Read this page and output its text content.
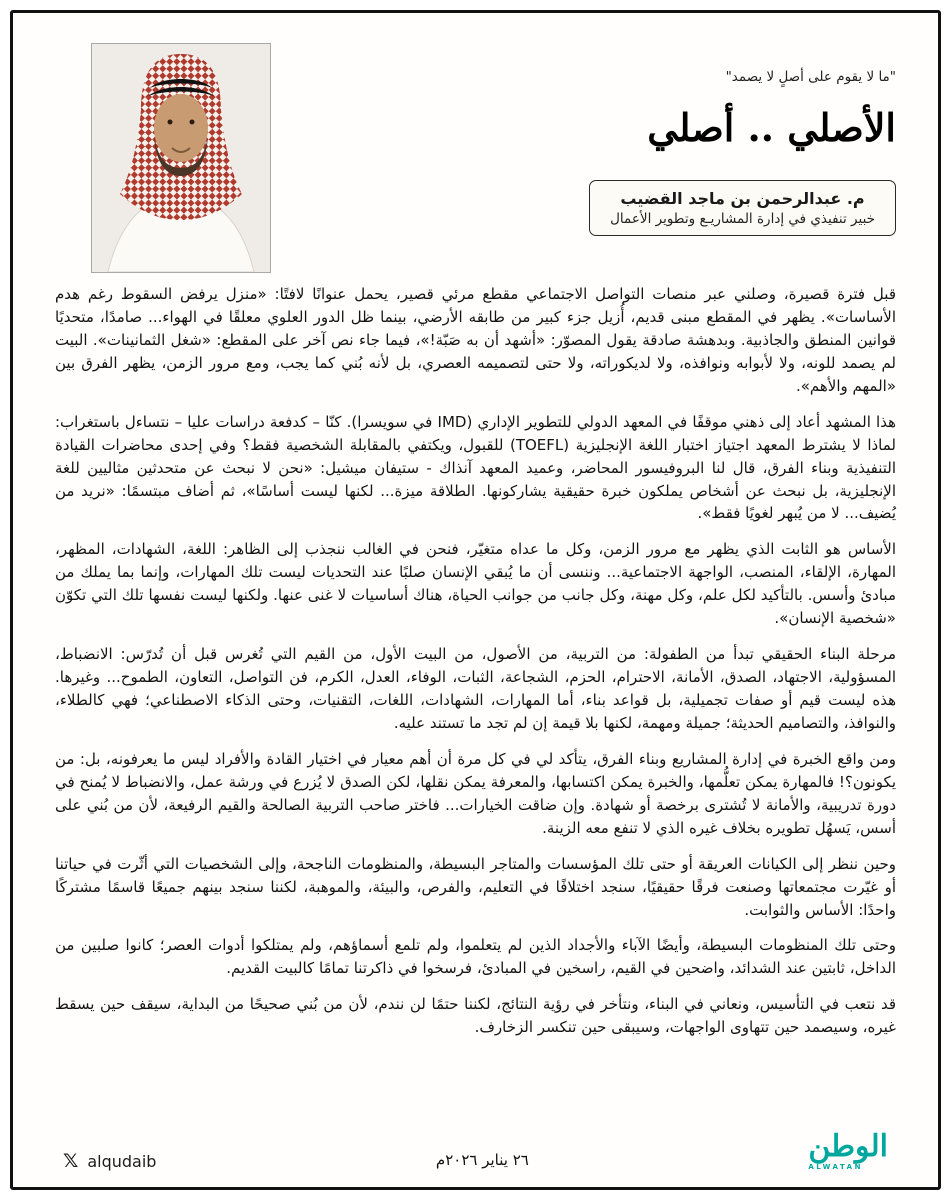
"ما لا يقوم على أصلٍ لا يصمد"
الأصلي .. أصلي
م. عبدالرحمن بن ماجد القضيب
خبير تنفيذي في إدارة المشاريـع وتطوير الأعمال

قبل فترة قصيرة، وصلني عبر منصات التواصل الاجتماعي مقطع مرئي قصير، يحمل عنوانًا لافتًا: «منزل يرفض السقوط رغم هدم الأساسات». يظهر في المقطع مبنى قديم، أُزيل جزء كبير من طابقه الأرضي، بينما ظل الدور العلوي معلقًا في الهواء... صامدًا، متحديًا قوانين المنطق والجاذبية. وبدهشة صادقة يقول المصوّر: «أشهد أن به صَبّة!»، فيما جاء نص آخر على المقطع: «شغل الثمانينات». البيت لم يصمد للونه، ولا لأبوابه ونوافذه، ولا لديكوراته، ولا حتى لتصميمه العصري، بل لأنه بُني كما يجب، ومع مرور الزمن، يظهر الفرق بين «المهم والأهم».

هذا المشهد أعاد إلى ذهني موقفًا في المعهد الدولي للتطوير الإداري (IMD في سويسرا). كنّا – كدفعة دراسات عليا – نتساءل باستغراب: لماذا لا يشترط المعهد اجتياز اختبار اللغة الإنجليزية (TOEFL) للقبول، ويكتفي بالمقابلة الشخصية فقط؟ وفي إحدى محاضرات القيادة التنفيذية وبناء الفرق، قال لنا البروفيسور المحاضر، وعميد المعهد آنذاك - ستيفان ميشيل: «نحن لا نبحث عن متحدثين مثاليين للغة الإنجليزية، بل نبحث عن أشخاص يملكون خبرة حقيقية يشاركونها. الطلاقة ميزة... لكنها ليست أساسًا»، ثم أضاف مبتسمًا: «نريد من يُضيف... لا من يُبهر لغويًا فقط».

الأساس هو الثابت الذي يظهر مع مرور الزمن، وكل ما عداه متغيّر، فنحن في الغالب ننجذب إلى الظاهر: اللغة، الشهادات، المظهر، المهارة، الإلقاء، المنصب، الواجهة الاجتماعية... وننسى أن ما يُبقي الإنسان صلبًا عند التحديات ليست تلك المهارات، وإنما بما يملك من مبادئ وأسس. بالتأكيد لكل علم، وكل مهنة، وكل جانب من جوانب الحياة، هناك أساسيات لا غنى عنها. ولكنها ليست نفسها تلك التي تكوّن «شخصية الإنسان».

مرحلة البناء الحقيقي تبدأ من الطفولة: من التربية، من الأصول، من البيت الأول، من القيم التي تُغرس قبل أن تُدرّس: الانضباط، المسؤولية، الاجتهاد، الصدق، الأمانة، الاحترام، الحزم، الشجاعة، الثبات، الوفاء، العدل، الكرم، فن التواصل، التعاون، الطموح... وغيرها. هذه ليست قيم أو صفات تجميلية، بل قواعد بناء، أما المهارات، الشهادات، اللغات، التقنيات، وحتى الذكاء الاصطناعي؛ فهي كالطلاء، والنوافذ، والتصاميم الحديثة؛ جميلة ومهمة، لكنها بلا قيمة إن لم تجد ما تستند عليه.

ومن واقع الخبرة في إدارة المشاريع وبناء الفرق، يتأكد لي في كل مرة أن أهم معيار في اختيار القادة والأفراد ليس ما يعرفونه، بل: من يكونون؟! فالمهارة يمكن تعلُّمها، والخبرة يمكن اكتسابها، والمعرفة يمكن نقلها، لكن الصدق لا يُزرع في ورشة عمل، والانضباط لا يُمنح في دورة تدريبية، والأمانة لا تُشترى برخصة أو شهادة. وإن ضاقت الخيارات... فاختر صاحب التربية الصالحة والقيم الرفيعة، لأن من بُني على أسس، يَسهُل تطويره بخلاف غيره الذي لا تنفع معه الزينة.

وحين ننظر إلى الكيانات العريقة أو حتى تلك المؤسسات والمتاجر البسيطة، والمنظومات الناجحة، وإلى الشخصيات التي أثّرت في حياتنا أو غيّرت مجتمعاتها وصنعت فرقًا حقيقيًا، سنجد اختلافًا في التعليم، والفرص، والبيئة، والموهبة، لكننا سنجد بينهم جميعًا قاسمًا مشتركًا واحدًا: الأساس والثوابت.

وحتى تلك المنظومات البسيطة، وأيضًا الآباء والأجداد الذين لم يتعلموا، ولم تلمع أسماؤهم، ولم يمتلكوا أدوات العصر؛ كانوا صلبين من الداخل، ثابتين عند الشدائد، واضحين في القيم، راسخين في المبادئ، فرسخوا في ذاكرتنا تمامًا كالبيت القديم.

قد نتعب في التأسيس، ونعاني في البناء، ونتأخر في رؤية النتائج، لكننا حتمًا لن نندم، لأن من بُني صحيحًا من البداية، سيقف حين يسقط غيره، وسيصمد حين تتهاوى الواجهات، وسيبقى حين تنكسر الزخارف.

الوطن
ALWATAN
٢٦ يناير ٢٠٢٦م
𝕏 alqudaib
